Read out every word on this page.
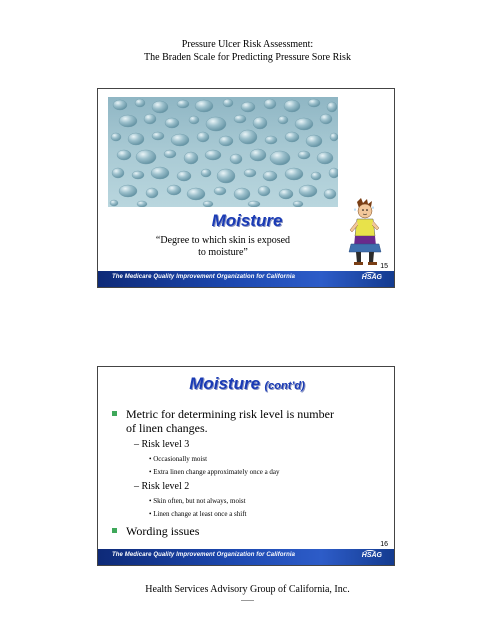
Pressure Ulcer Risk Assessment:
The Braden Scale for Predicting Pressure Sore Risk
Moisture
“Degree to which skin is exposed
to moisture”
15
The Medicare Quality Improvement Organization for California	HSAG
Moisture (cont’d)
Metric for determining risk level is number
of linen changes.
– Risk level 3
• Occasionally moist
• Extra linen change approximately once a day
– Risk level 2
• Skin often, but not always, moist
• Linen change at least once a shift
Wording issues
16
The Medicare Quality Improvement Organization for California	HSAG
Health Services Advisory Group of California, Inc.
